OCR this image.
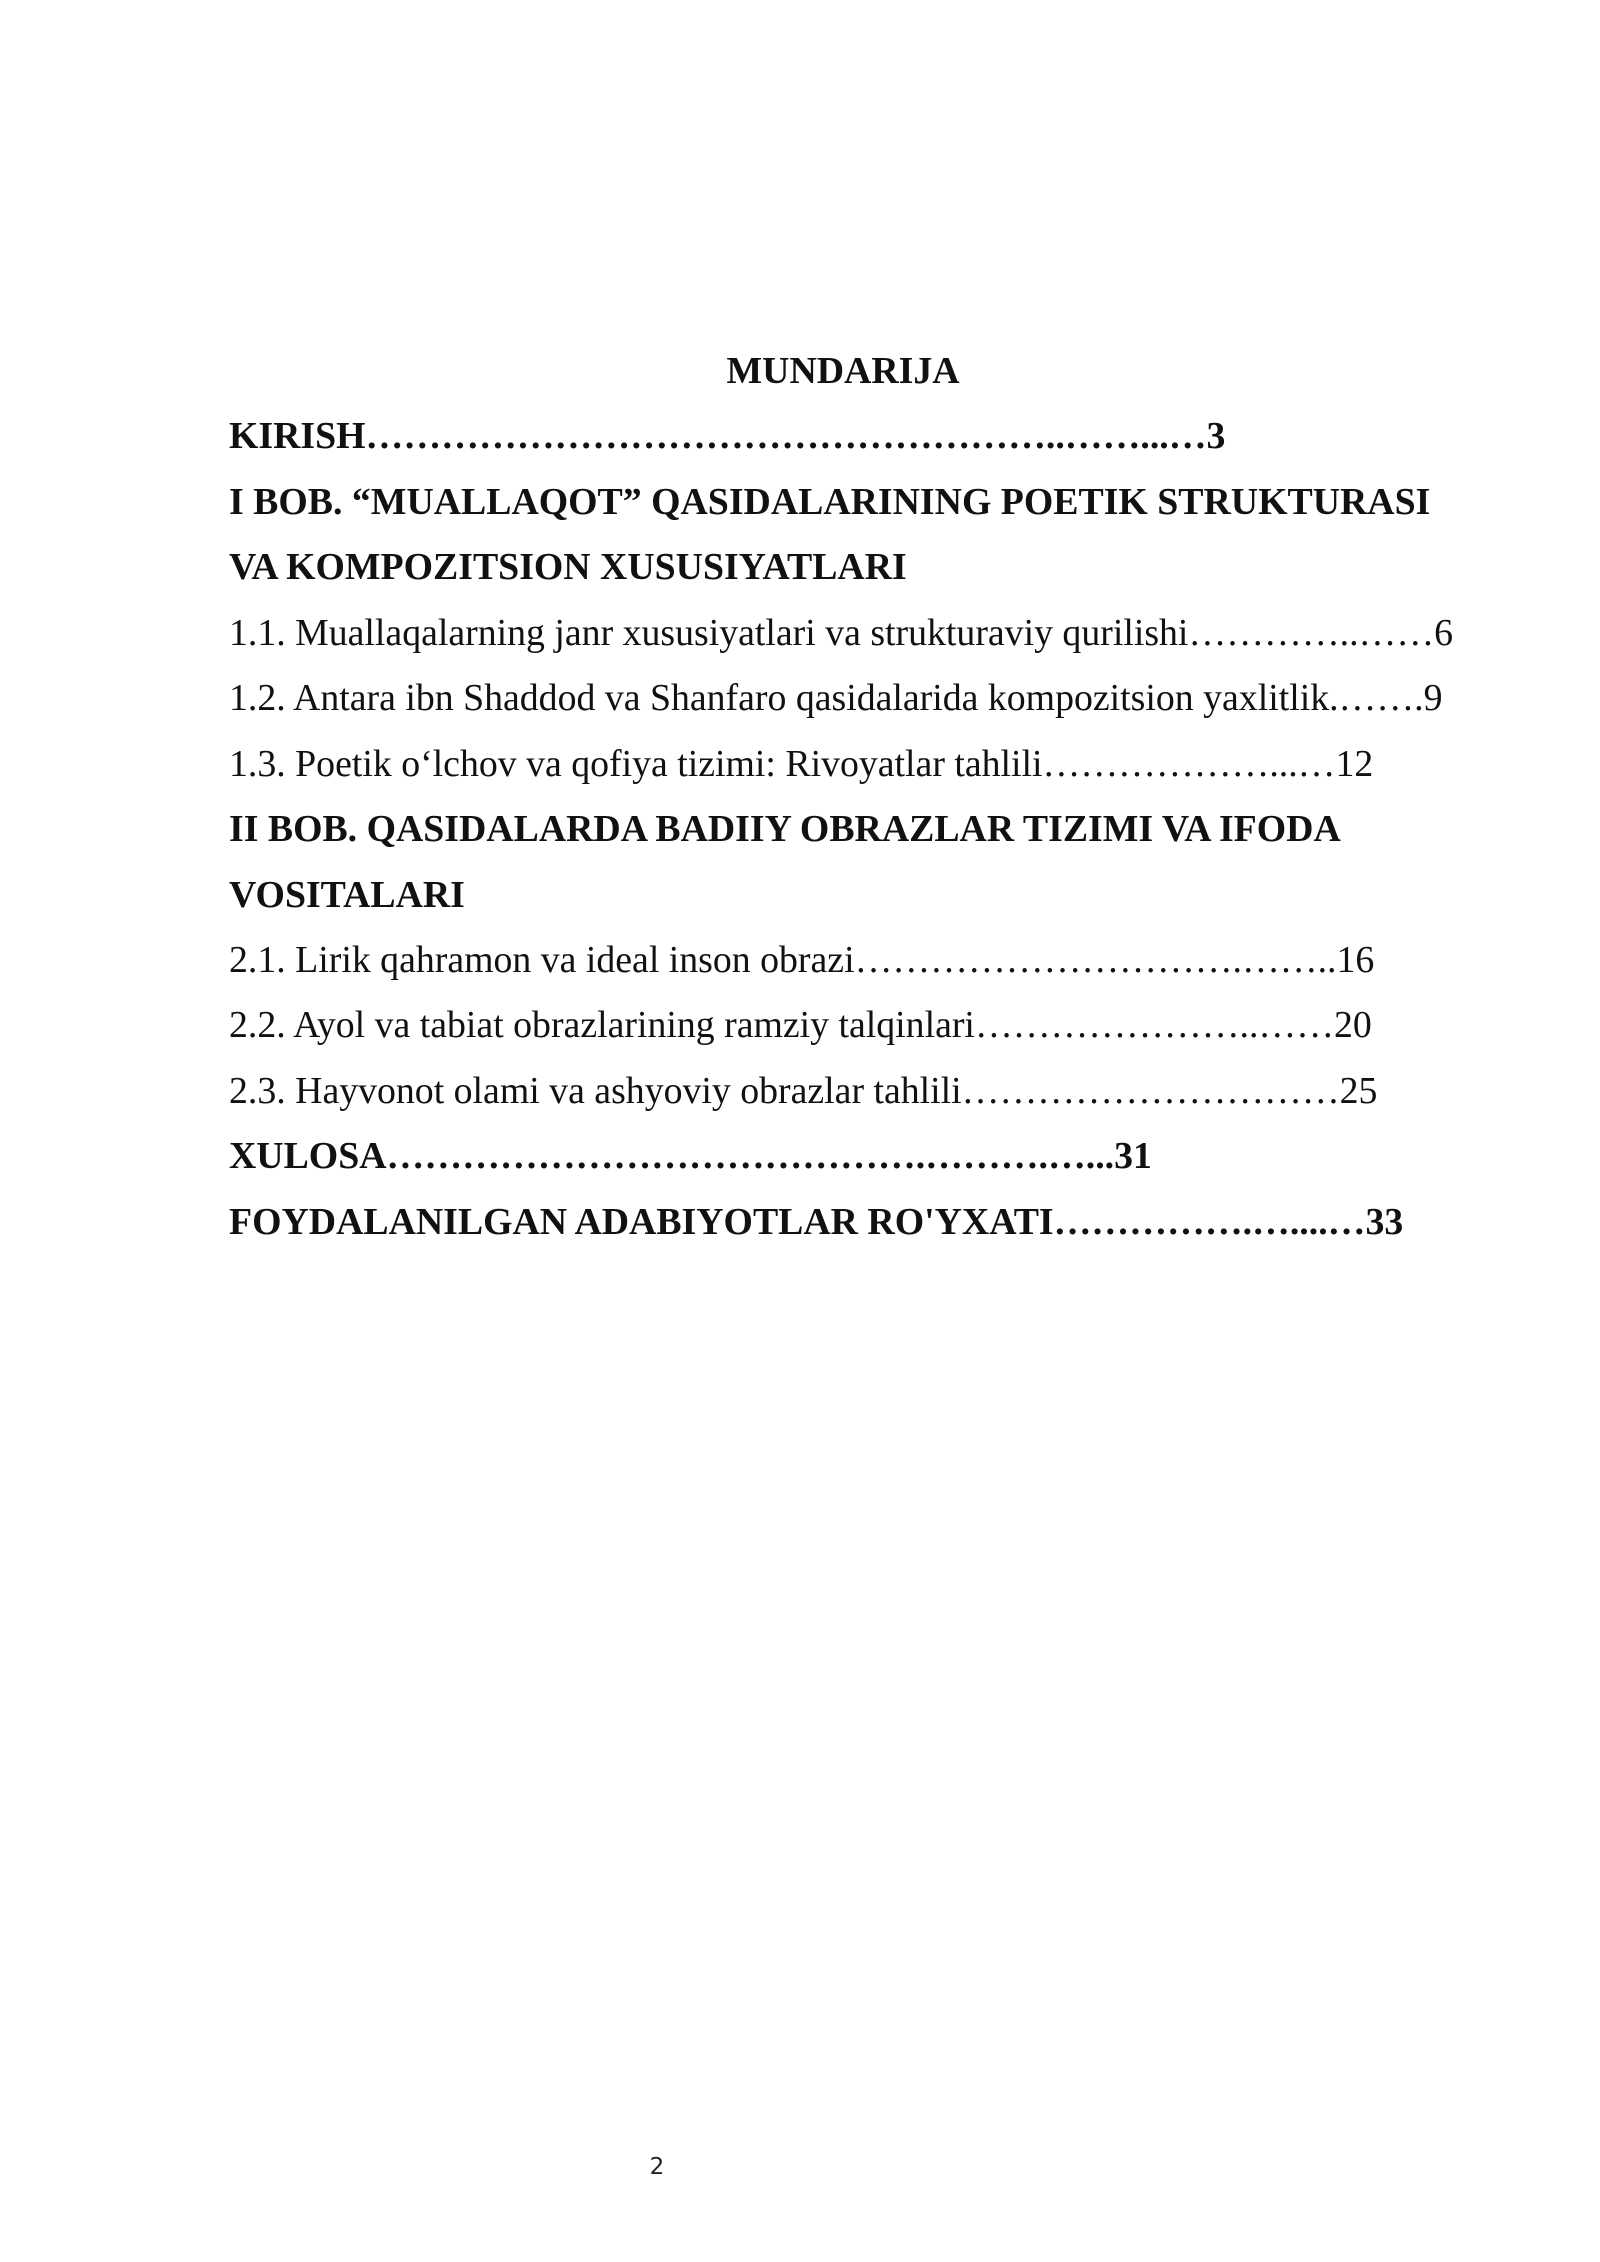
MUNDARIJA
KIRISH………………………………………………..……...…3
I BOB. “MUALLAQOT” QASIDALARINING POETIK STRUKTURASI
VA KOMPOZITSION XUSUSIYATLARI
1.1. Muallaqalarning janr xususiyatlari va strukturaviy qurilishi…………..……6
1.2. Antara ibn Shaddod va Shanfaro qasidalarida kompozitsion yaxlitlik.…….9
1.3. Poetik o‘lchov va qofiya tizimi: Rivoyatlar tahlili………………...…12
II BOB. QASIDALARDA BADIIY OBRAZLAR TIZIMI VA IFODA
VOSITALARI
2.1. Lirik qahramon va ideal inson obrazi………………………….……..16
2.2. Ayol va tabiat obrazlarining ramziy talqinlari…………………..……20
2.3. Hayvonot olami va ashyoviy obrazlar tahlili…………………………25
XULOSA…………………………………….……….…...31
FOYDALANILGAN ADABIYOTLAR RO'YXATI…………….…....…33
2
